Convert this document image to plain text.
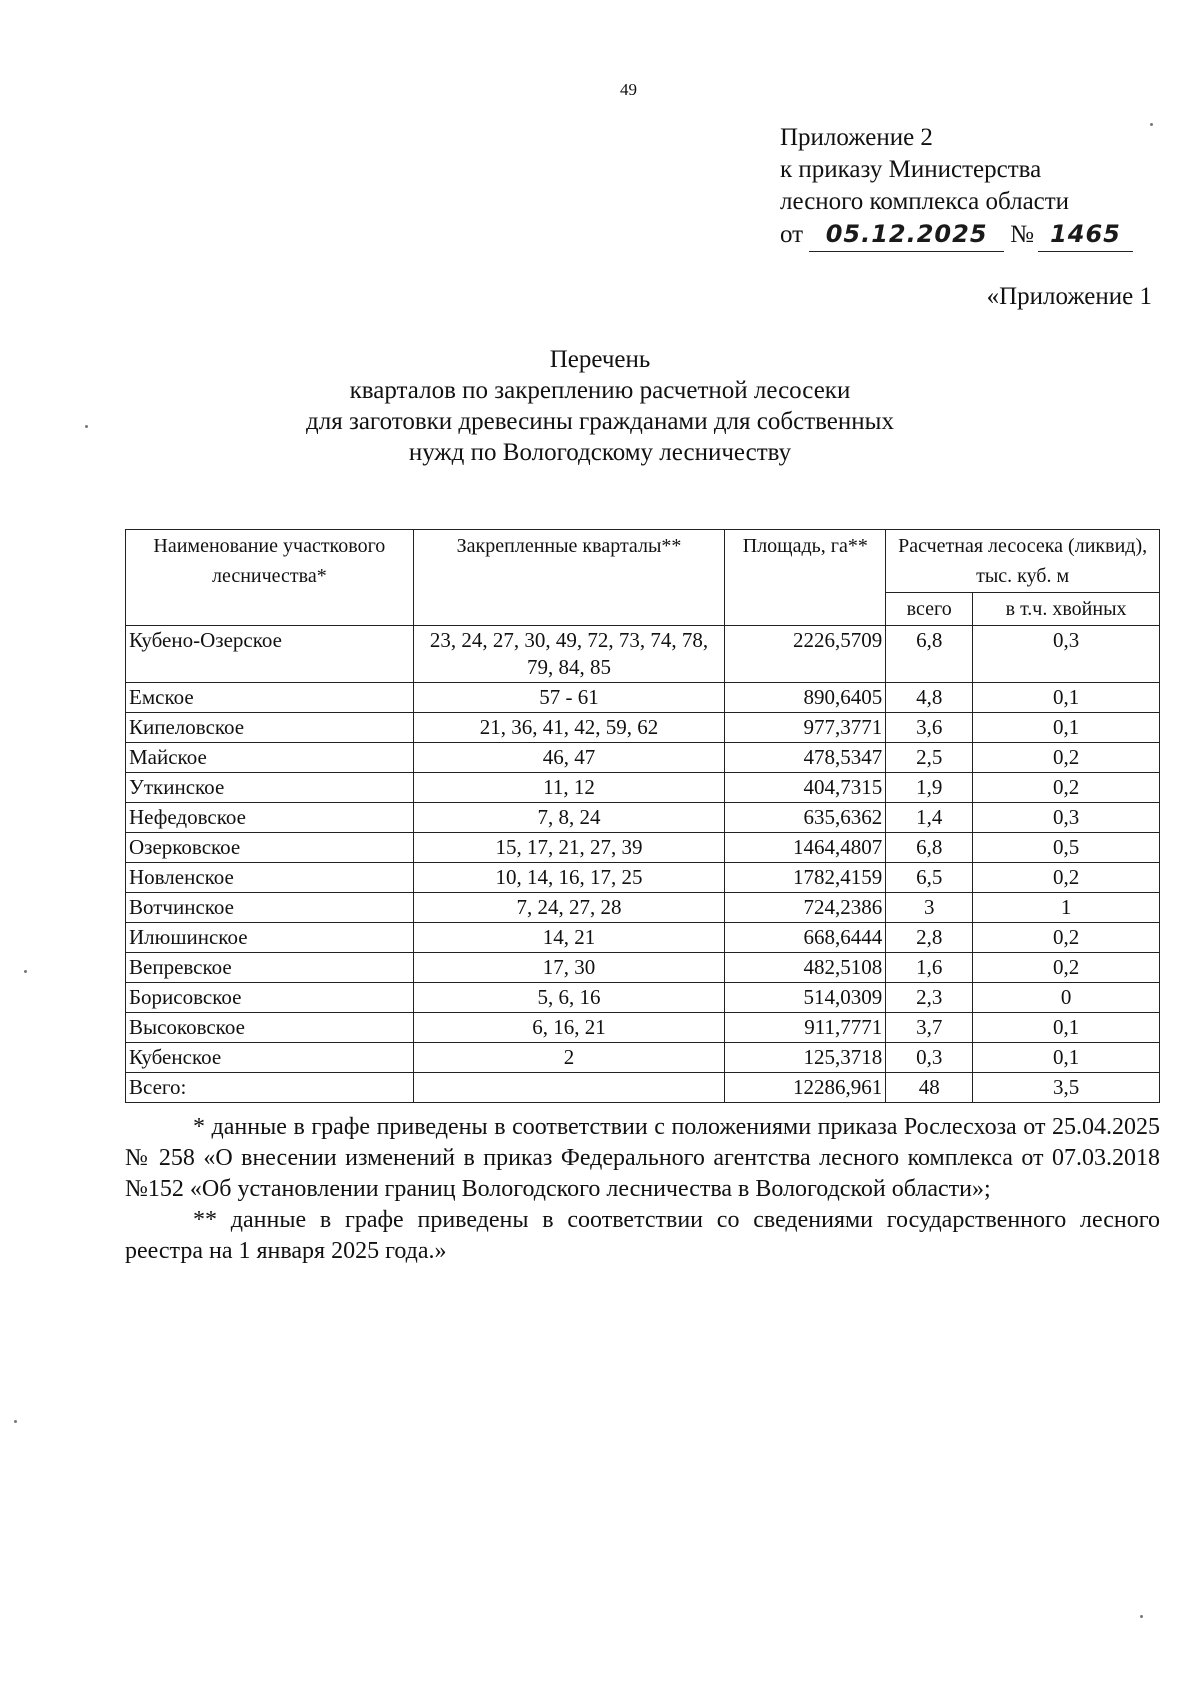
49
Приложение 2
к приказу Министерства
лесного комплекса области
от 05.12.2025 № 1465
«Приложение 1
Перечень
кварталов по закреплению расчетной лесосеки
для заготовки древесины гражданами для собственных
нужд по Вологодскому лесничеству
Наименование участкового лесничества*	Закрепленные кварталы**	Площадь, га**	Расчетная лесосека (ликвид), тыс. куб. м	
			всего	в т.ч. хвойных
Кубено-Озерское	23, 24, 27, 30, 49, 72, 73, 74, 78, 79, 84, 85	2226,5709	6,8	0,3
Емское	57 - 61	890,6405	4,8	0,1
Кипеловское	21, 36, 41, 42, 59, 62	977,3771	3,6	0,1
Майское	46, 47	478,5347	2,5	0,2
Уткинское	11, 12	404,7315	1,9	0,2
Нефедовское	7, 8, 24	635,6362	1,4	0,3
Озерковское	15, 17, 21, 27, 39	1464,4807	6,8	0,5
Новленское	10, 14, 16, 17, 25	1782,4159	6,5	0,2
Вотчинское	7, 24, 27, 28	724,2386	3	1
Илюшинское	14, 21	668,6444	2,8	0,2
Вепревское	17, 30	482,5108	1,6	0,2
Борисовское	5, 6, 16	514,0309	2,3	0
Высоковское	6, 16, 21	911,7771	3,7	0,1
Кубенское	2	125,3718	0,3	0,1
Всего:		12286,961	48	3,5

* данные в графе приведены в соответствии с положениями приказа Рослесхоза от 25.04.2025 № 258 «О внесении изменений в приказ Федерального агентства лесного комплекса от 07.03.2018 №152 «Об установлении границ Вологодского лесничества в Вологодской области»;

** данные в графе приведены в соответствии со сведениями государственного лесного реестра на 1 января 2025 года.»
